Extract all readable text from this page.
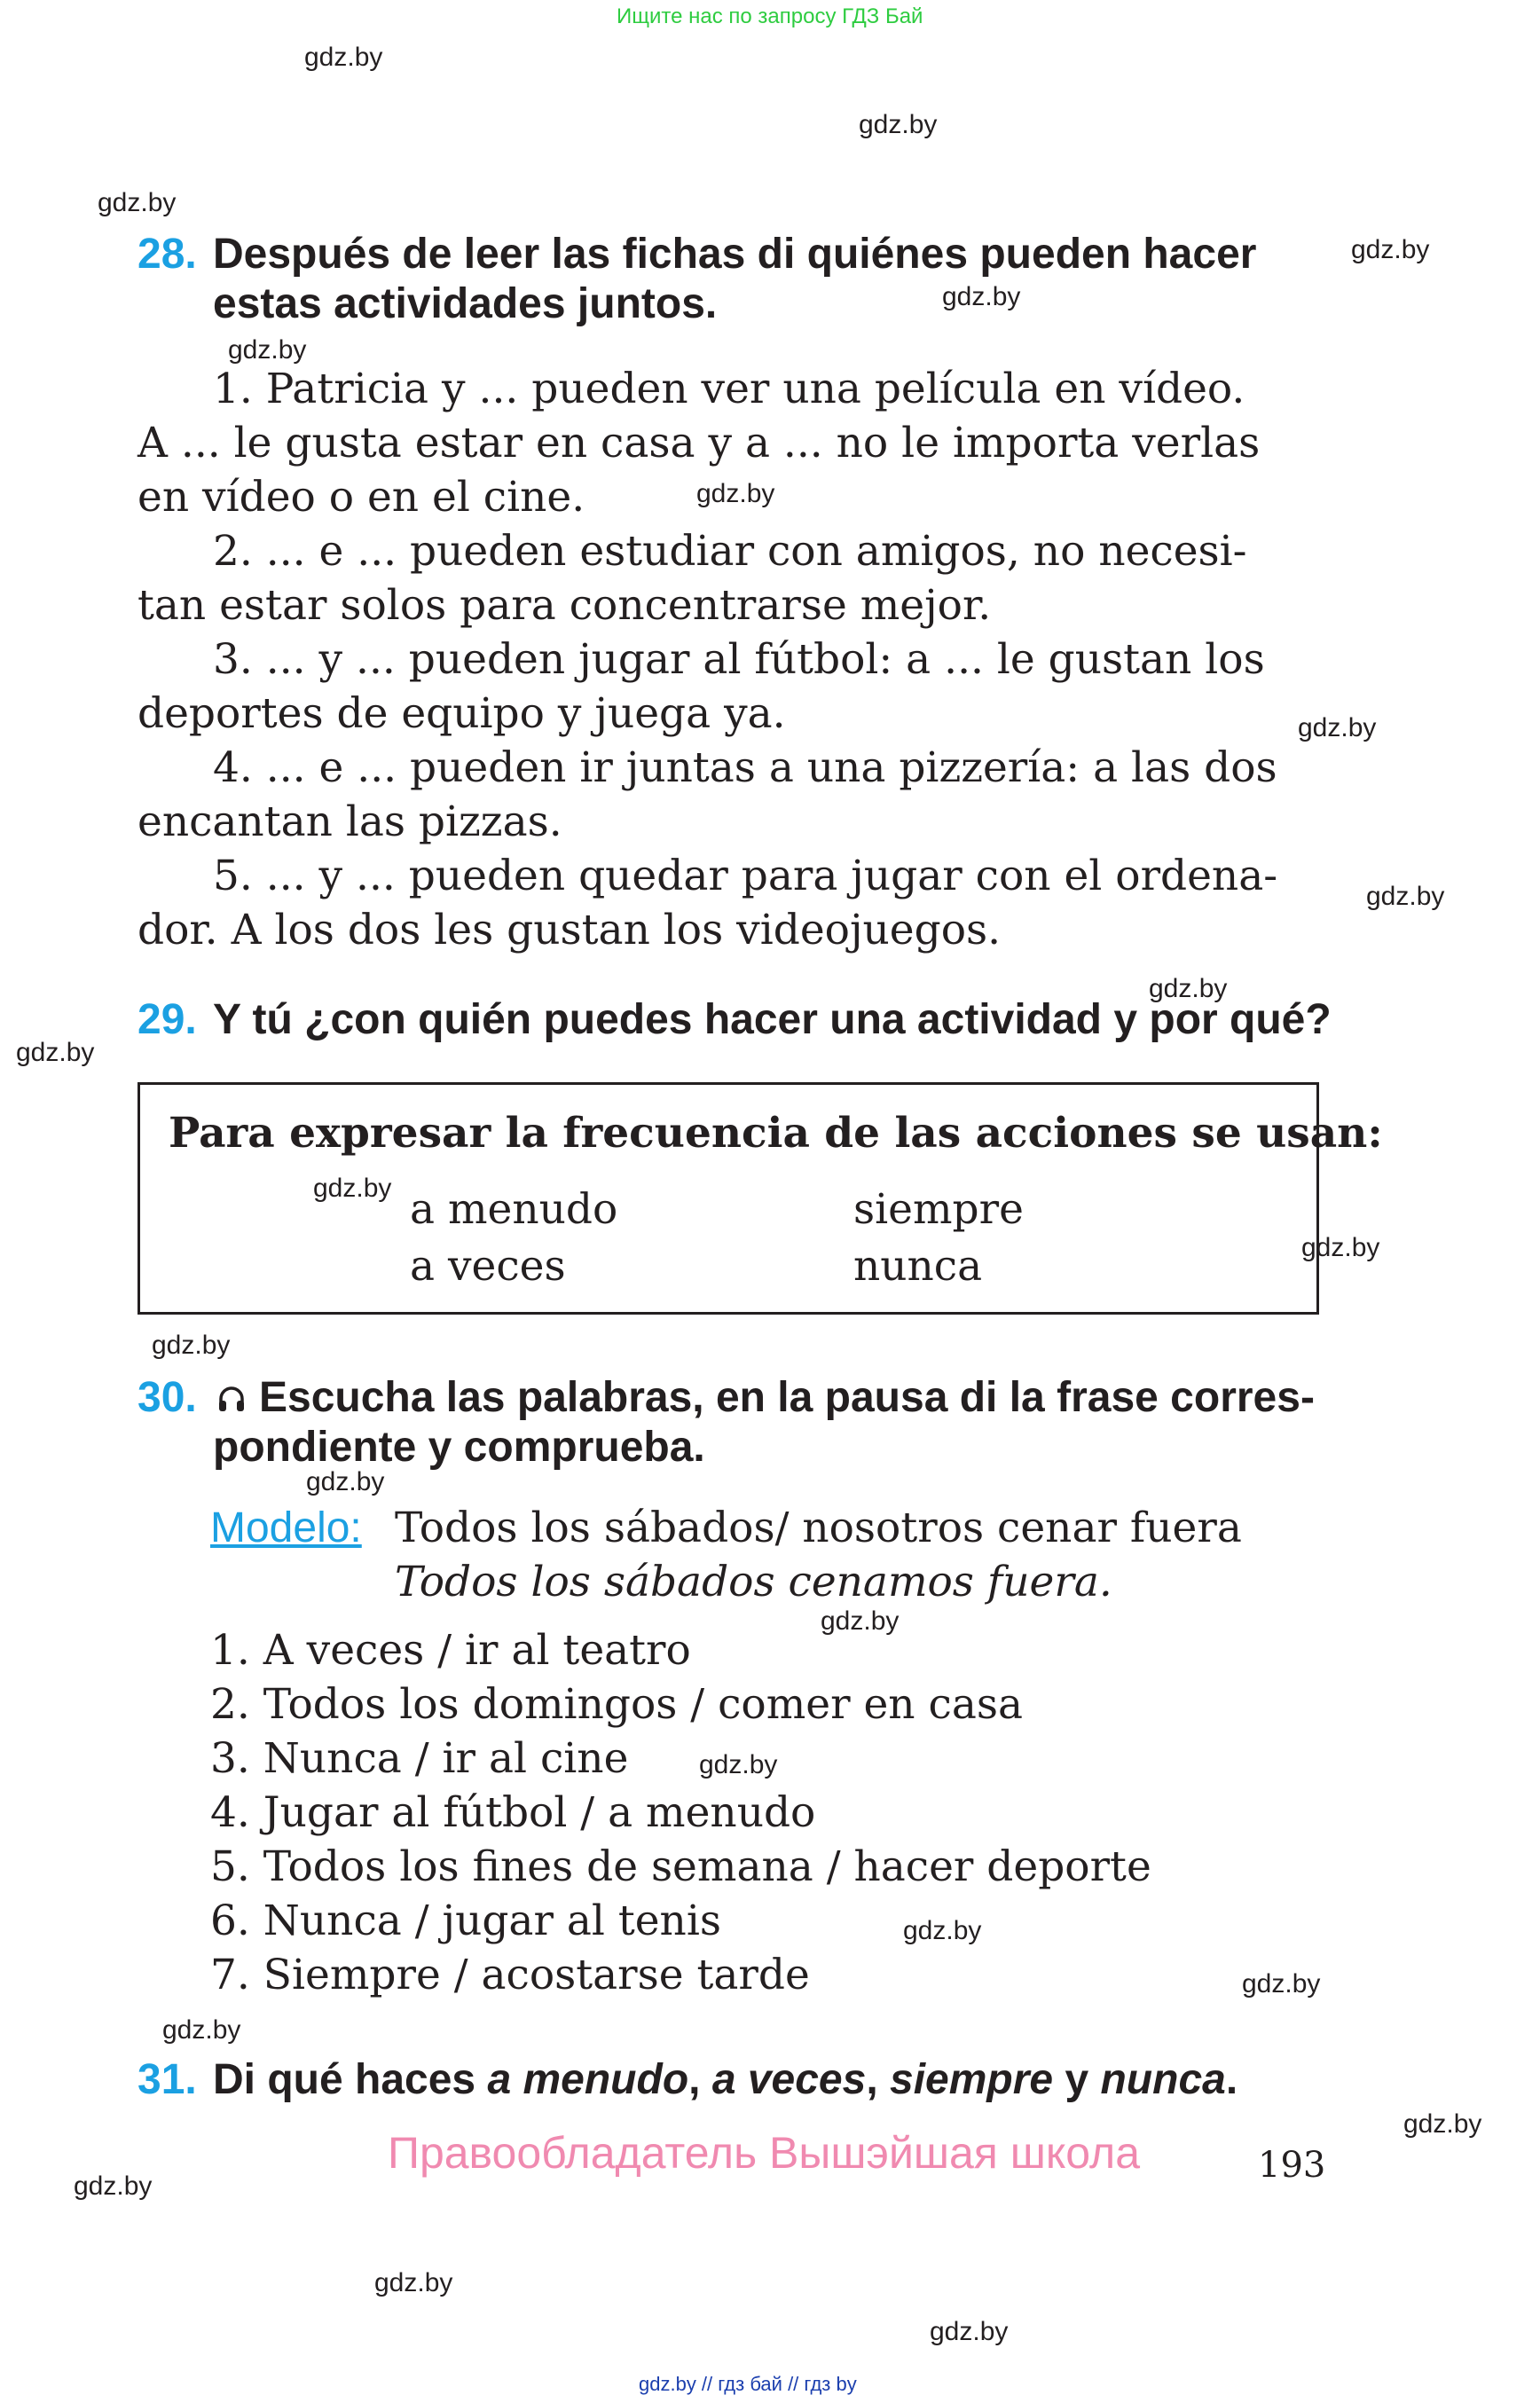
Ищите нас по запросу ГДЗ Бай
gdz.by
gdz.by
gdz.by
gdz.by
gdz.by
gdz.by
gdz.by
gdz.by
gdz.by
gdz.by
gdz.by
gdz.by
gdz.by
gdz.by
gdz.by
gdz.by
gdz.by
gdz.by
gdz.by
gdz.by
gdz.by
gdz.by
gdz.by
gdz.by
28. Después de leer las fichas di quiénes pueden hacer
estas actividades juntos.
1. Patricia y ... pueden ver una película en vídeo.
A ... le gusta estar en casa y a ... no le importa verlas
en vídeo o en el cine.
2. ... e ... pueden estudiar con amigos, no necesi-
tan estar solos para concentrarse mejor.
3. ... y ... pueden jugar al fútbol: a ... le gustan los
deportes de equipo y juega ya.
4. ... e ... pueden ir juntas a una pizzería: a las dos
encantan las pizzas.
5. ... y ... pueden quedar para jugar con el ordena-
dor. A los dos les gustan los videojuegos.
29. Y tú ¿con quién puedes hacer una actividad y por qué?
Para expresar la frecuencia de las acciones se usan:
a menudo	siempre
a veces	nunca
30. Escucha las palabras, en la pausa di la frase corres-
pondiente y comprueba.
Modelo: Todos los sábados/ nosotros cenar fuera
Todos los sábados cenamos fuera.
1. A veces / ir al teatro
2. Todos los domingos / comer en casa
3. Nunca / ir al cine
4. Jugar al fútbol / a menudo
5. Todos los fines de semana / hacer deporte
6. Nunca / jugar al tenis
7. Siempre / acostarse tarde
31. Di qué haces a menudo, a veces, siempre y nunca.
Правообладатель Вышэйшая школа	193
gdz.by // гдз бай // гдз by
